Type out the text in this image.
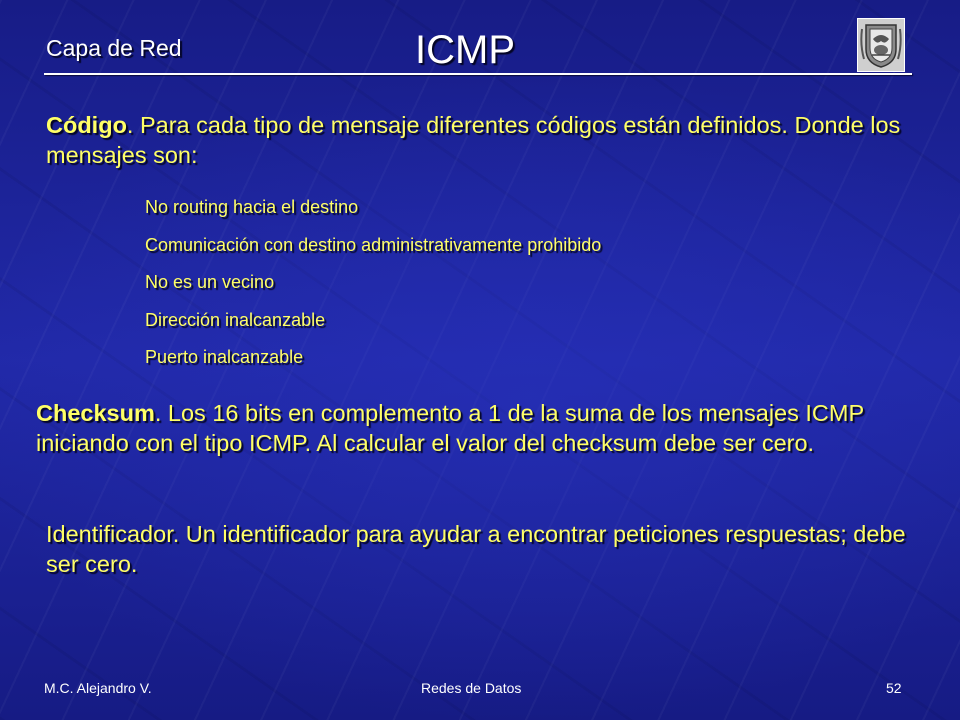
Capa de Red	ICMP
Código. Para cada tipo de mensaje diferentes códigos están definidos. Donde los mensajes son:
No routing hacia el destino
Comunicación con destino administrativamente prohibido
No es un vecino
Dirección inalcanzable
Puerto inalcanzable
Checksum. Los 16 bits en complemento a 1 de la suma de los mensajes ICMP iniciando con el tipo ICMP. Al calcular el valor del checksum debe ser cero.
Identificador. Un identificador para ayudar a encontrar peticiones respuestas; debe ser cero.
M.C. Alejandro V.	Redes de Datos	52
